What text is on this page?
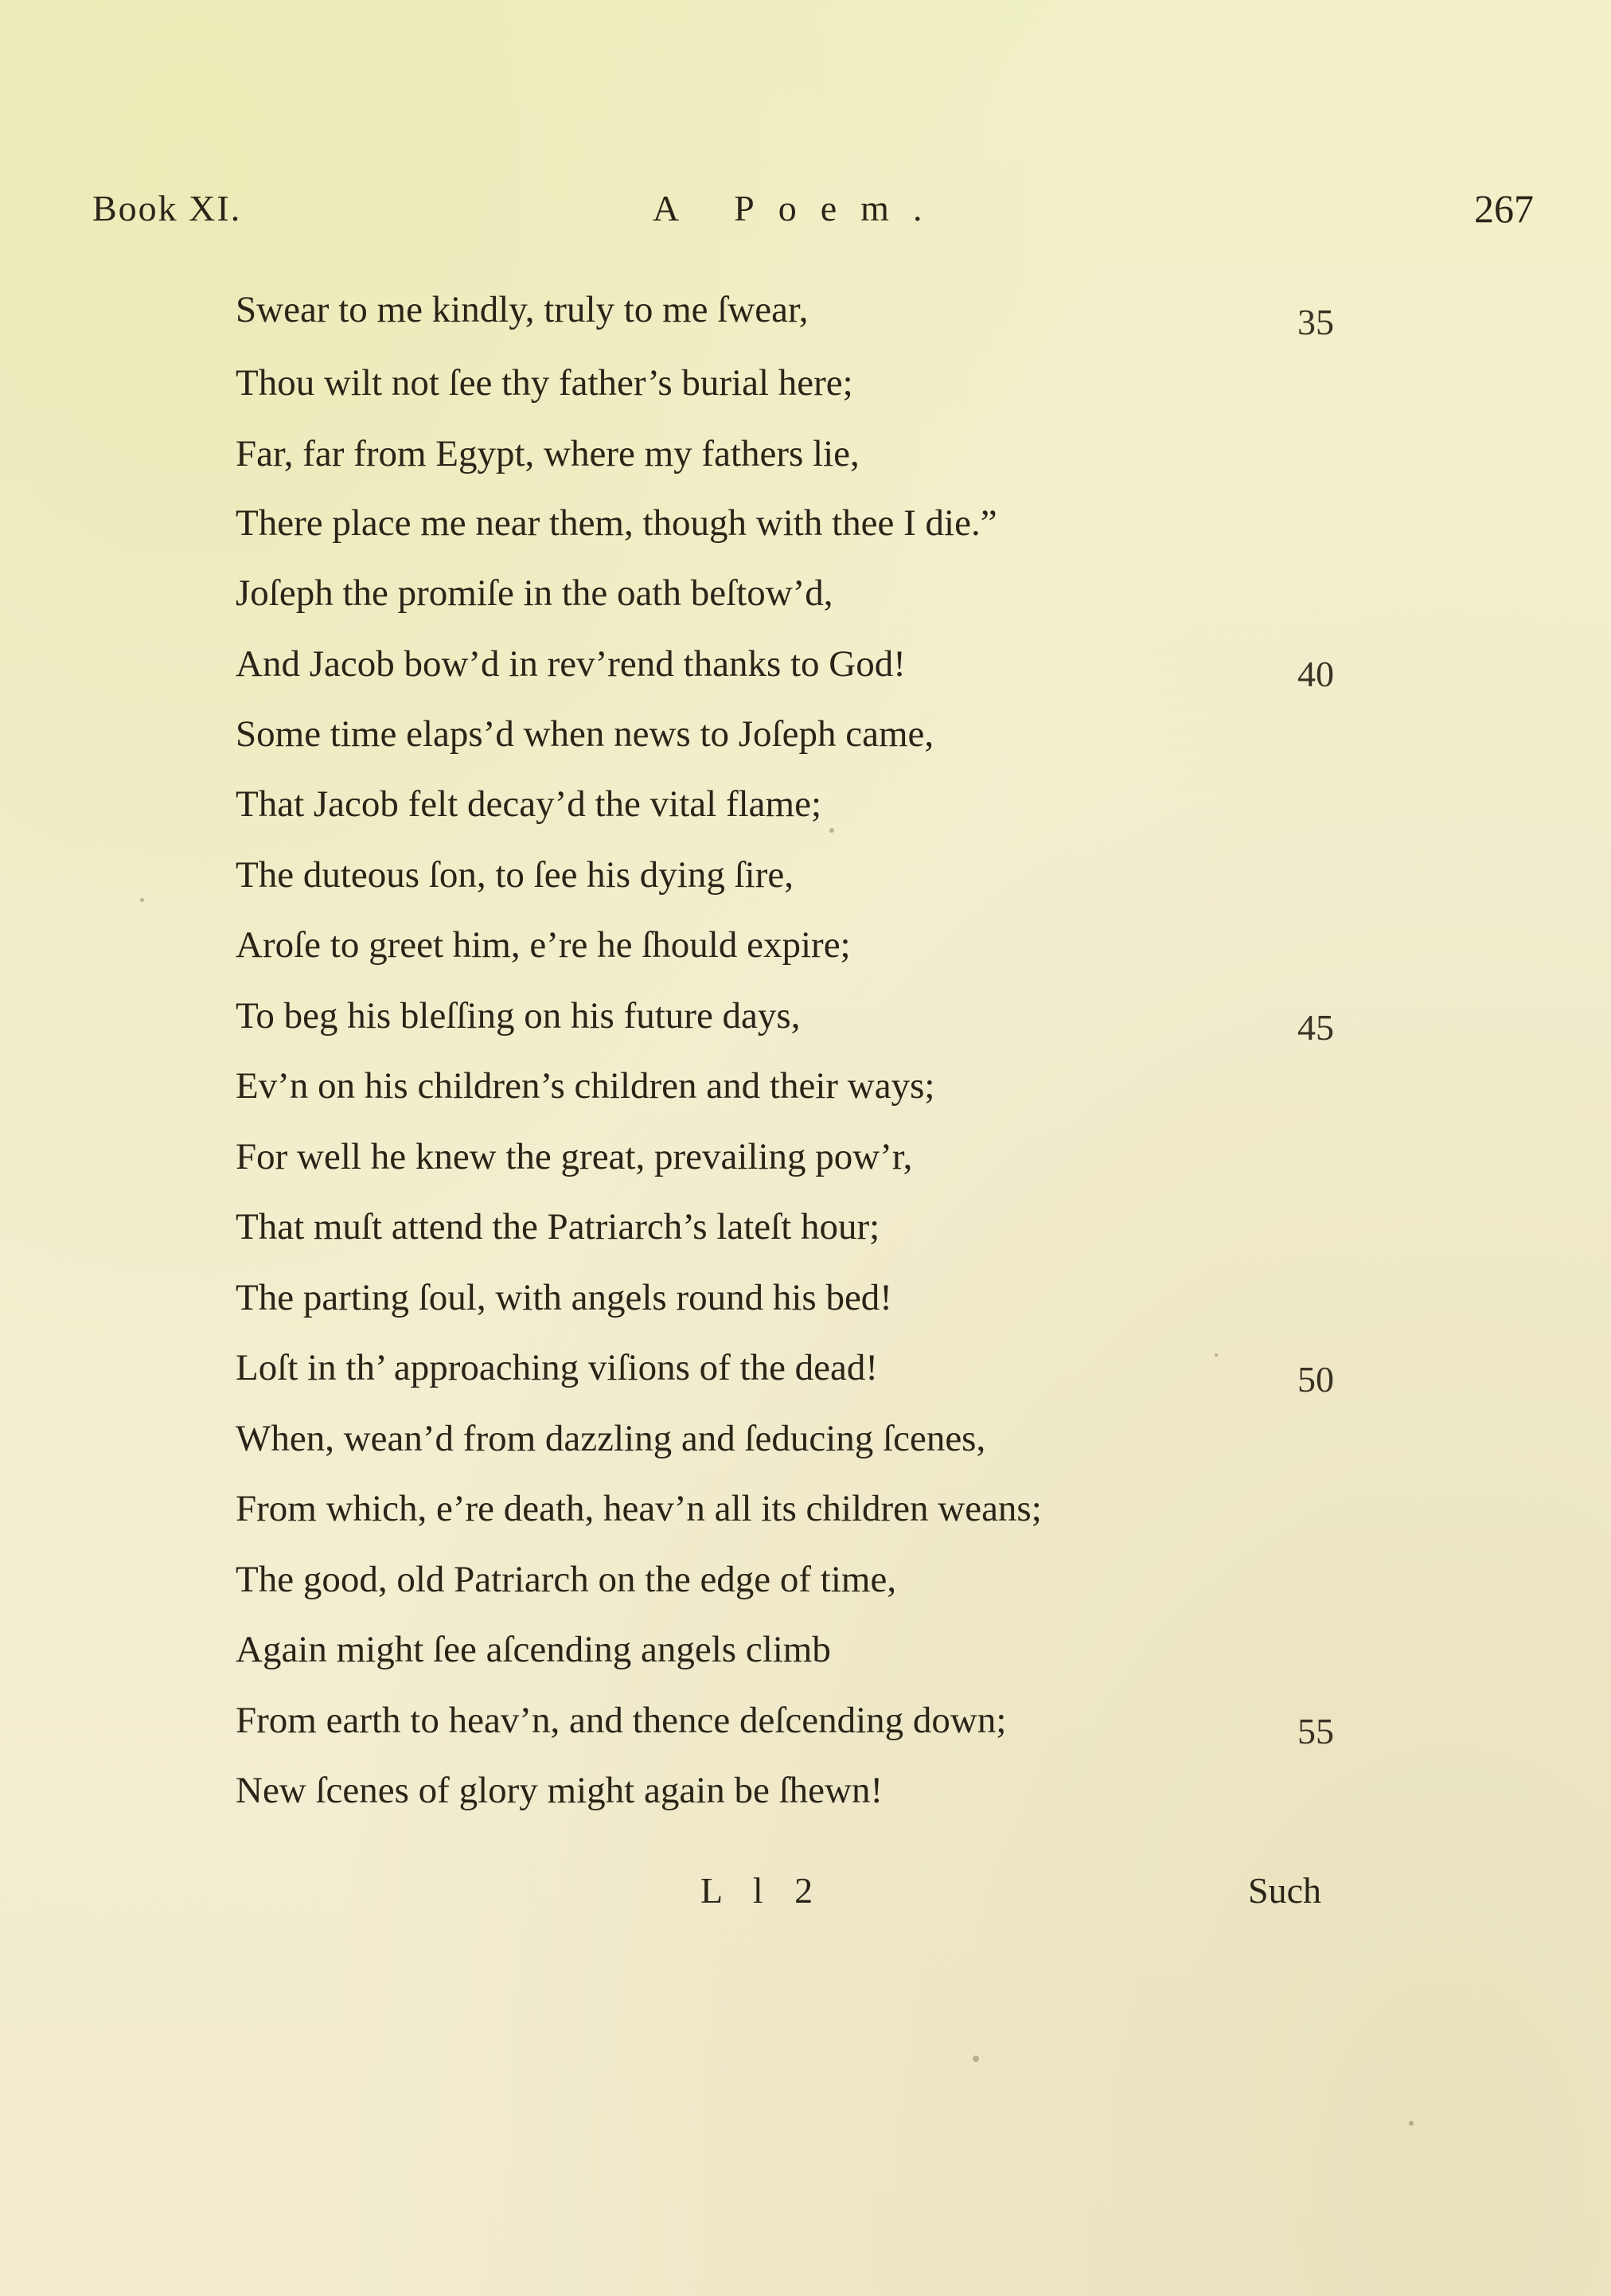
Book XI.	A Poem.	267
Swear to me kindly, truly to me ſwear,
Thou wilt not ſee thy father’s burial here;
Far, far from Egypt, where my fathers lie,
There place me near them, though with thee I die.”
Joſeph the promiſe in the oath beſtow’d,
And Jacob bow’d in rev’rend thanks to God!
Some time elaps’d when news to Joſeph came,
That Jacob felt decay’d the vital flame;
The duteous ſon, to ſee his dying ſire,
Aroſe to greet him, e’re he ſhould expire;
To beg his bleſſing on his future days,
Ev’n on his children’s children and their ways;
For well he knew the great, prevailing pow’r,
That muſt attend the Patriarch’s lateſt hour;
The parting ſoul, with angels round his bed!
Loſt in th’ approaching viſions of the dead!
When, wean’d from dazzling and ſeducing ſcenes,
From which, e’re death, heav’n all its children weans;
The good, old Patriarch on the edge of time,
Again might ſee aſcending angels climb
From earth to heav’n, and thence deſcending down;
New ſcenes of glory might again be ſhewn!
35
40
45
50
55
L l 2	Such
